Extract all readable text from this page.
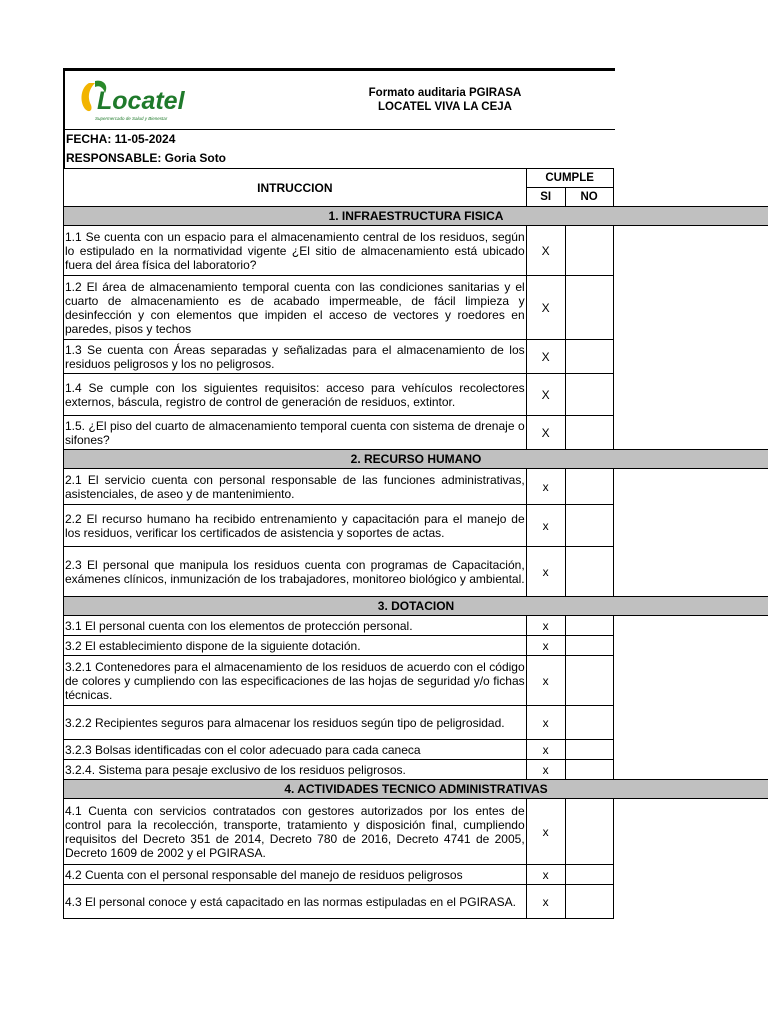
Locatel
Supermercado de Salud y Bienestar
Formato auditaria PGIRASA
LOCATEL VIVA LA CEJA
FECHA: 11-05-2024
RESPONSABLE: Goria Soto
INTRUCCION	CUMPLE		
	SI	NO	
1. INFRAESTRUCTURA FISICA			
1.1 Se cuenta con un espacio para el almacenamiento central de los residuos, según lo estipulado en la normatividad vigente ¿El sitio de almacenamiento está ubicado fuera del área física del laboratorio?	X		
1.2 El área de almacenamiento temporal cuenta con las condiciones sanitarias y el cuarto de almacenamiento es de acabado impermeable, de fácil limpieza y desinfección y con elementos que impiden el acceso de vectores y roedores en paredes, pisos y techos	X		
1.3 Se cuenta con Áreas separadas y señalizadas para el almacenamiento de los residuos peligrosos y los no peligrosos.	X		
1.4 Se cumple con los siguientes requisitos: acceso para vehículos recolectores externos, báscula, registro de control de generación de residuos, extintor.	X		
1.5. ¿El piso del cuarto de almacenamiento temporal cuenta con sistema de drenaje o sifones?	X		
2. RECURSO HUMANO			
2.1 El servicio cuenta con personal responsable de las funciones administrativas, asistenciales, de aseo y de mantenimiento.	x		
2.2 El recurso humano ha recibido entrenamiento y capacitación para el manejo de los residuos, verificar los certificados de asistencia y soportes de actas.	x		
2.3 El personal que manipula los residuos cuenta con programas de Capacitación, exámenes clínicos, inmunización de los trabajadores, monitoreo biológico y ambiental.	x		
3. DOTACION			
3.1 El personal cuenta con los elementos de protección personal.	x		
3.2 El establecimiento dispone de la siguiente dotación.	x		
3.2.1 Contenedores para el almacenamiento de los residuos de acuerdo con el código de colores y cumpliendo con las especificaciones de las hojas de seguridad y/o fichas técnicas.	x		
3.2.2 Recipientes seguros para almacenar los residuos según tipo de peligrosidad.	x		
3.2.3 Bolsas identificadas con el color adecuado para cada caneca	x		
3.2.4. Sistema para pesaje exclusivo de los residuos peligrosos.	x		
4. ACTIVIDADES TECNICO ADMINISTRATIVAS			
4.1 Cuenta con servicios contratados con gestores autorizados por los entes de control para la recolección, transporte, tratamiento y disposición final, cumpliendo requisitos del Decreto 351 de 2014, Decreto 780 de 2016, Decreto 4741 de 2005, Decreto 1609 de 2002 y el PGIRASA.	x		
4.2 Cuenta con el personal responsable del manejo de residuos peligrosos	x		
4.3 El personal conoce y está capacitado en las normas estipuladas en el PGIRASA.	x		
